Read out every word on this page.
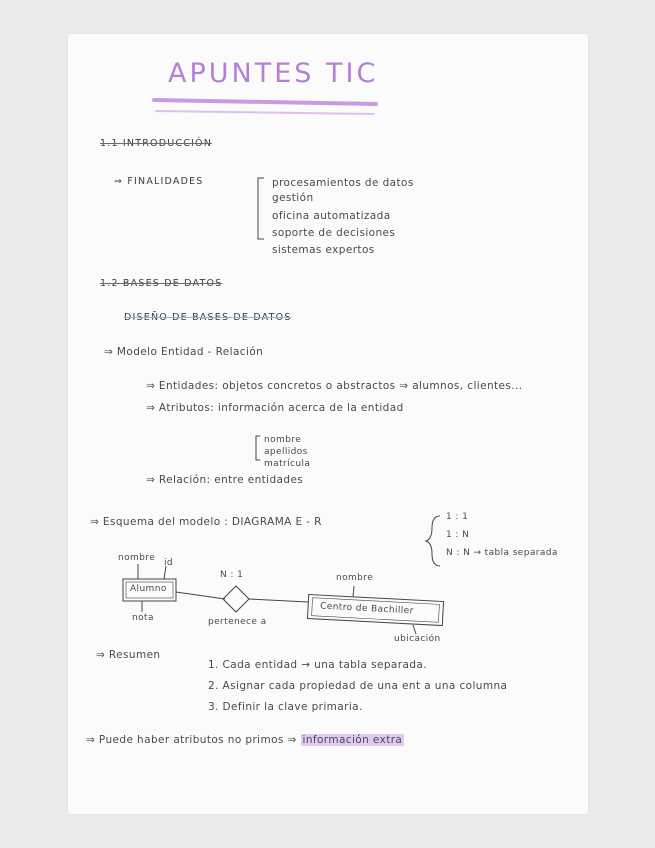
APUNTES TIC
1.1 INTRODUCCIÓN
⇒ FINALIDADES	procesamientos de datos
gestión
oficina automatizada
soporte de decisiones
sistemas expertos
1.2 BASES DE DATOS
DISEÑO DE BASES DE DATOS
⇒ Modelo Entidad - Relación
⇒ Entidades: objetos concretos o abstractos ⇒ alumnos, clientes...
⇒ Atributos: información acerca de la entidad
nombre
apellidos
matrícula
⇒ Relación: entre entidades
⇒ Esquema del modelo : DIAGRAMA E - R	1 : 1
1 : N
N : N → tabla separada
nombre id
Alumno
nota
N : 1
pertenece a
nombre
Centro de Bachiller
ubicación
⇒ Resumen
1. Cada entidad → una tabla separada.
2. Asignar cada propiedad de una ent a una columna
3. Definir la clave primaria.
⇒ Puede haber atributos no primos ⇒ información extra
